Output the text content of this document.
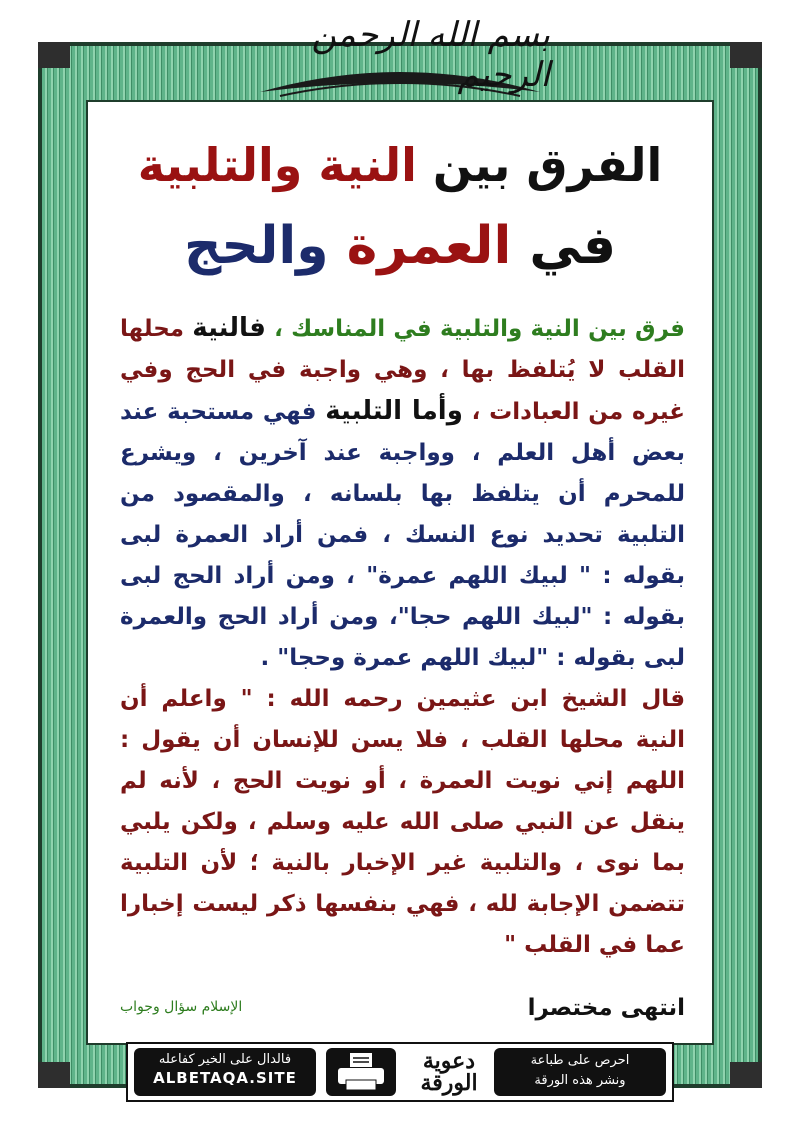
بسم الله الرحمن الرحيم
الفرق بين النية والتلبية
في العمرة والحج

فرق بين النية والتلبية في المناسك ، فالنية محلها القلب لا يُتلفظ بها ، وهي واجبة في الحج وفي غيره من العبادات ، وأما التلبية فهي مستحبة عند بعض أهل العلم ، وواجبة عند آخرين ، ويشرع للمحرم أن يتلفظ بها بلسانه ، والمقصود من التلبية تحديد نوع النسك ، فمن أراد العمرة لبى بقوله : " لبيك اللهم عمرة" ، ومن أراد الحج لبى بقوله : "لبيك اللهم حجا"، ومن أراد الحج والعمرة لبى بقوله : "لبيك اللهم عمرة وحجا" .

قال الشيخ ابن عثيمين رحمه الله : " واعلم أن النية محلها القلب ، فلا يسن للإنسان أن يقول : اللهم إني نويت العمرة ، أو نويت الحج ، لأنه لم ينقل عن النبي صلى الله عليه وسلم ، ولكن يلبي بما نوى ، والتلبية غير الإخبار بالنية ؛ لأن التلبية تتضمن الإجابة لله ، فهي بنفسها ذكر ليست إخبارا عما في القلب "

انتهى مختصرا
الإسلام سؤال وجواب
فالدال على الخير كفاعله
ALBETAQA.SITE
دعوية
الورقة
احرص على طباعة
ونشر هذه الورقة
